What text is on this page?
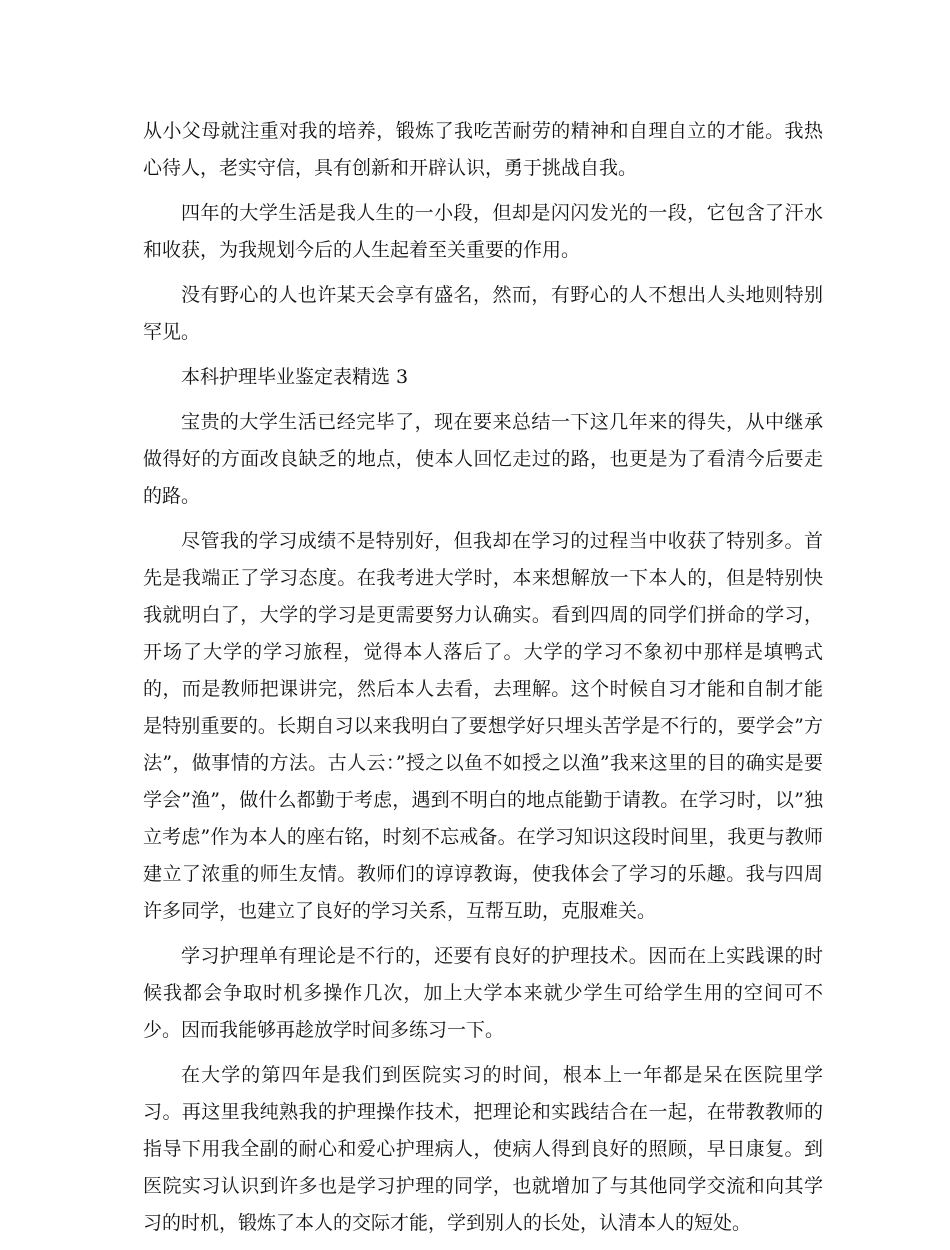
从小父母就注重对我的培养，锻炼了我吃苦耐劳的精神和自理自立的才能。我热心待人，老实守信，具有创新和开辟认识，勇于挑战自我。

四年的大学生活是我人生的一小段，但却是闪闪发光的一段，它包含了汗水和收获，为我规划今后的人生起着至关重要的作用。

没有野心的人也许某天会享有盛名，然而，有野心的人不想出人头地则特别罕见。

本科护理毕业鉴定表精选 3

宝贵的大学生活已经完毕了，现在要来总结一下这几年来的得失，从中继承做得好的方面改良缺乏的地点，使本人回忆走过的路，也更是为了看清今后要走的路。

尽管我的学习成绩不是特别好，但我却在学习的过程当中收获了特别多。首先是我端正了学习态度。在我考进大学时，本来想解放一下本人的，但是特别快我就明白了，大学的学习是更需要努力认确实。看到四周的同学们拼命的学习，开场了大学的学习旅程，觉得本人落后了。大学的学习不象初中那样是填鸭式的，而是教师把课讲完，然后本人去看，去理解。这个时候自习才能和自制才能是特别重要的。长期自习以来我明白了要想学好只埋头苦学是不行的，要学会”方法”，做事情的方法。古人云：”授之以鱼不如授之以渔”我来这里的目的确实是要学会”渔”，做什么都勤于考虑，遇到不明白的地点能勤于请教。在学习时，以”独立考虑”作为本人的座右铭，时刻不忘戒备。在学习知识这段时间里，我更与教师建立了浓重的师生友情。教师们的谆谆教诲，使我体会了学习的乐趣。我与四周许多同学，也建立了良好的学习关系，互帮互助，克服难关。

学习护理单有理论是不行的，还要有良好的护理技术。因而在上实践课的时候我都会争取时机多操作几次，加上大学本来就少学生可给学生用的空间可不少。因而我能够再趁放学时间多练习一下。

在大学的第四年是我们到医院实习的时间，根本上一年都是呆在医院里学习。再这里我纯熟我的护理操作技术，把理论和实践结合在一起，在带教教师的指导下用我全副的耐心和爱心护理病人，使病人得到良好的照顾，早日康复。到医院实习认识到许多也是学习护理的同学，也就增加了与其他同学交流和向其学习的时机，锻炼了本人的交际才能，学到别人的长处，认清本人的短处。
